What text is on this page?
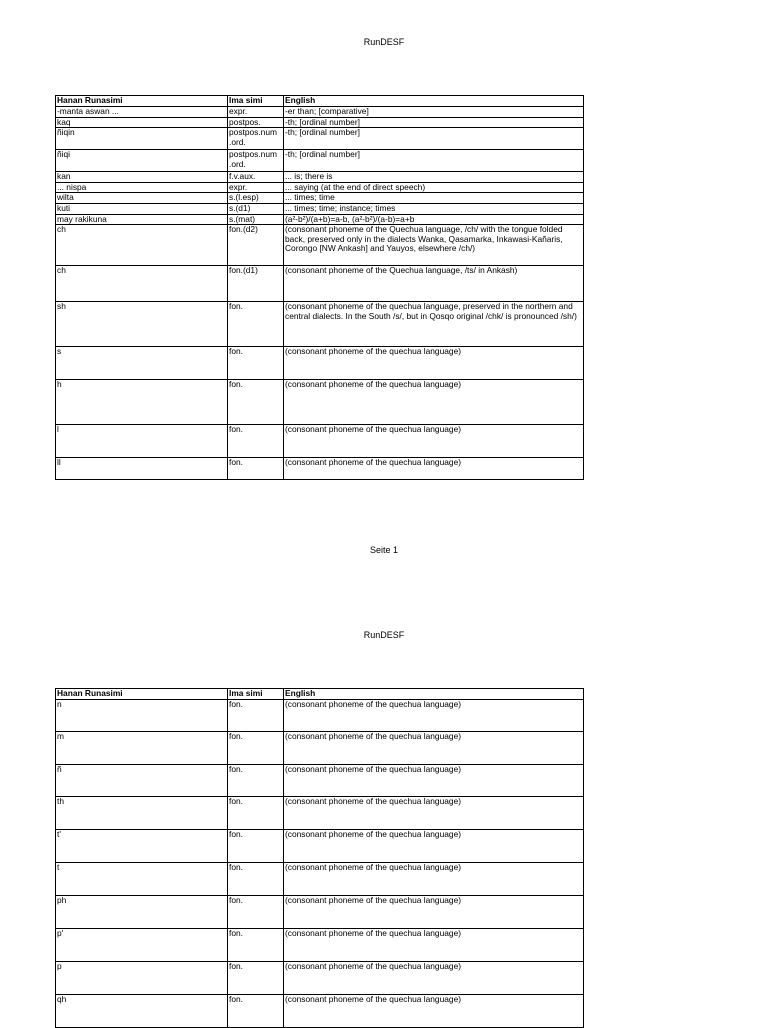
RunDESF
Hanan Runasimi	Ima simi	English
-manta aswan ...	expr.	-er than; [comparative]
kaq	postpos.	-th; [ordinal number]
ñiqin	postpos.num .ord.	-th; [ordinal number]
ñiqi	postpos.num .ord.	-th; [ordinal number]
kan	f.v.aux.	... is; there is
... nispa	expr.	... saying (at the end of direct speech)
wilta	s.(l.esp)	... times; time
kuti	s.(d1)	... times; time; instance; times
may rakikuna	s.(mat)	(a²-b²)/(a+b)=a-b, (a²-b²)/(a-b)=a+b
ch	fon.(d2)	(consonant phoneme of the Quechua language, /ch/ with the tongue folded back, preserved only in the dialects Wanka, Qasamarka, Inkawasi-Kañaris, Corongo [NW Ankash] and Yauyos, elsewhere /ch/)
ch	fon.(d1)	(consonant phoneme of the Quechua language, /ts/ in Ankash)
sh	fon.	(consonant phoneme of the quechua language, preserved in the northern and central dialects. In the South /s/, but in Qosqo original /chk/ is pronounced /sh/)
s	fon.	(consonant phoneme of the quechua language)
h	fon.	(consonant phoneme of the quechua language)
l	fon.	(consonant phoneme of the quechua language)
ll	fon.	(consonant phoneme of the quechua language)
Seite 1
RunDESF
Hanan Runasimi	Ima simi	English
n	fon.	(consonant phoneme of the quechua language)
m	fon.	(consonant phoneme of the quechua language)
ñ	fon.	(consonant phoneme of the quechua language)
th	fon.	(consonant phoneme of the quechua language)
t'	fon.	(consonant phoneme of the quechua language)
t	fon.	(consonant phoneme of the quechua language)
ph	fon.	(consonant phoneme of the quechua language)
p'	fon.	(consonant phoneme of the quechua language)
p	fon.	(consonant phoneme of the quechua language)
qh	fon.	(consonant phoneme of the quechua language)
